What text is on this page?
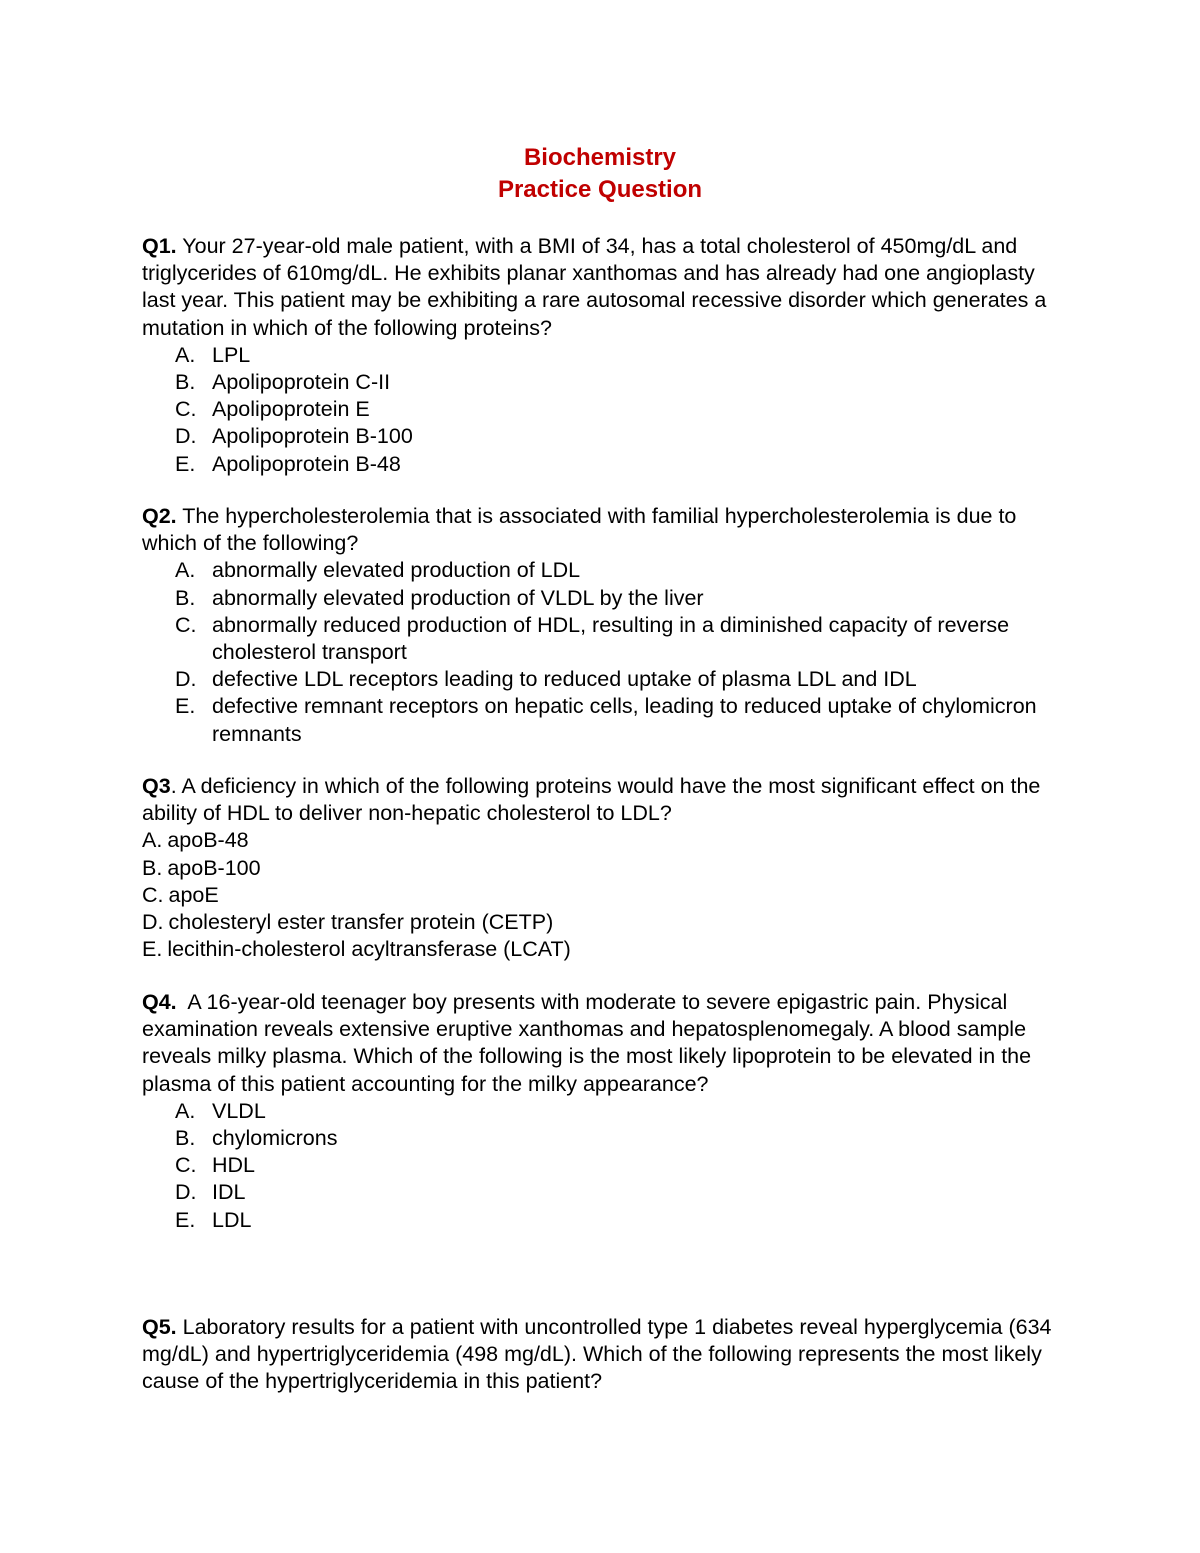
Biochemistry
Practice Question

Q1. Your 27-year-old male patient, with a BMI of 34, has a total cholesterol of 450mg/dL and triglycerides of 610mg/dL. He exhibits planar xanthomas and has already had one angioplasty last year. This patient may be exhibiting a rare autosomal recessive disorder which generates a mutation in which of the following proteins?

A. LPL
B. Apolipoprotein C-II
C. Apolipoprotein E
D. Apolipoprotein B-100
E. Apolipoprotein B-48

Q2. The hypercholesterolemia that is associated with familial hypercholesterolemia is due to which of the following?

A. abnormally elevated production of LDL
B. abnormally elevated production of VLDL by the liver
C. abnormally reduced production of HDL, resulting in a diminished capacity of reverse cholesterol transport
D. defective LDL receptors leading to reduced uptake of plasma LDL and IDL
E. defective remnant receptors on hepatic cells, leading to reduced uptake of chylomicron remnants

Q3. A deficiency in which of the following proteins would have the most significant effect on the ability of HDL to deliver non-hepatic cholesterol to LDL?

A. apoB-48
B. apoB-100
C. apoE
D. cholesteryl ester transfer protein (CETP)
E. lecithin-cholesterol acyltransferase (LCAT)

Q4. A 16-year-old teenager boy presents with moderate to severe epigastric pain. Physical examination reveals extensive eruptive xanthomas and hepatosplenomegaly. A blood sample reveals milky plasma. Which of the following is the most likely lipoprotein to be elevated in the plasma of this patient accounting for the milky appearance?

A. VLDL
B. chylomicrons
C. HDL
D. IDL
E. LDL

Q5. Laboratory results for a patient with uncontrolled type 1 diabetes reveal hyperglycemia (634 mg/dL) and hypertriglyceridemia (498 mg/dL). Which of the following represents the most likely cause of the hypertriglyceridemia in this patient?
